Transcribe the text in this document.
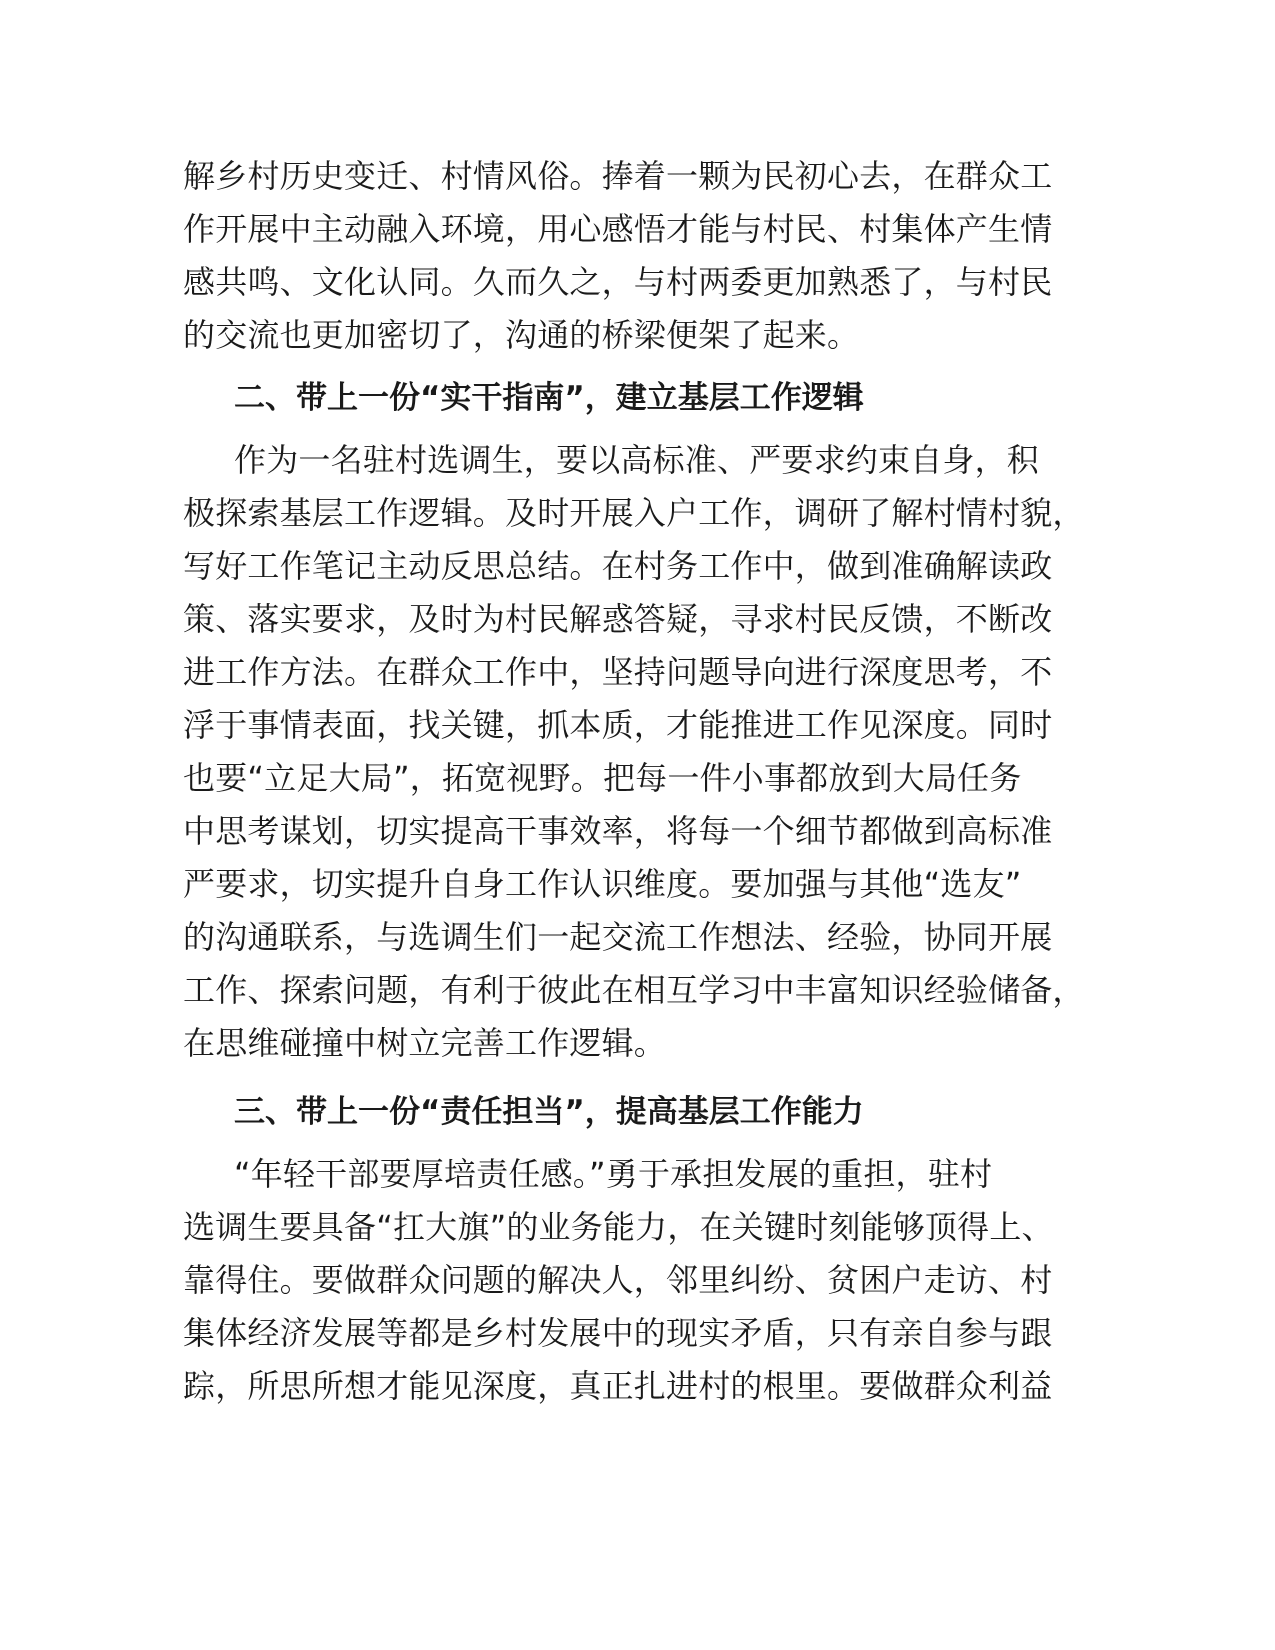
解乡村历史变迁、村情风俗。捧着一颗为民初心去，在群众工
作开展中主动融入环境，用心感悟才能与村民、村集体产生情
感共鸣、文化认同。久而久之，与村两委更加熟悉了，与村民
的交流也更加密切了，沟通的桥梁便架了起来。
二、带上一份“实干指南”，建立基层工作逻辑
作为一名驻村选调生，要以高标准、严要求约束自身，积
极探索基层工作逻辑。及时开展入户工作，调研了解村情村貌，
写好工作笔记主动反思总结。在村务工作中，做到准确解读政
策、落实要求，及时为村民解惑答疑，寻求村民反馈，不断改
进工作方法。在群众工作中，坚持问题导向进行深度思考，不
浮于事情表面，找关键，抓本质，才能推进工作见深度。同时
也要“立足大局”，拓宽视野。把每一件小事都放到大局任务
中思考谋划，切实提高干事效率，将每一个细节都做到高标准
严要求，切实提升自身工作认识维度。要加强与其他“选友”
的沟通联系，与选调生们一起交流工作想法、经验，协同开展
工作、探索问题，有利于彼此在相互学习中丰富知识经验储备，
在思维碰撞中树立完善工作逻辑。
三、带上一份“责任担当”，提高基层工作能力
“年轻干部要厚培责任感。”勇于承担发展的重担，驻村
选调生要具备“扛大旗”的业务能力，在关键时刻能够顶得上、
靠得住。要做群众问题的解决人，邻里纠纷、贫困户走访、村
集体经济发展等都是乡村发展中的现实矛盾，只有亲自参与跟
踪，所思所想才能见深度，真正扎进村的根里。要做群众利益
